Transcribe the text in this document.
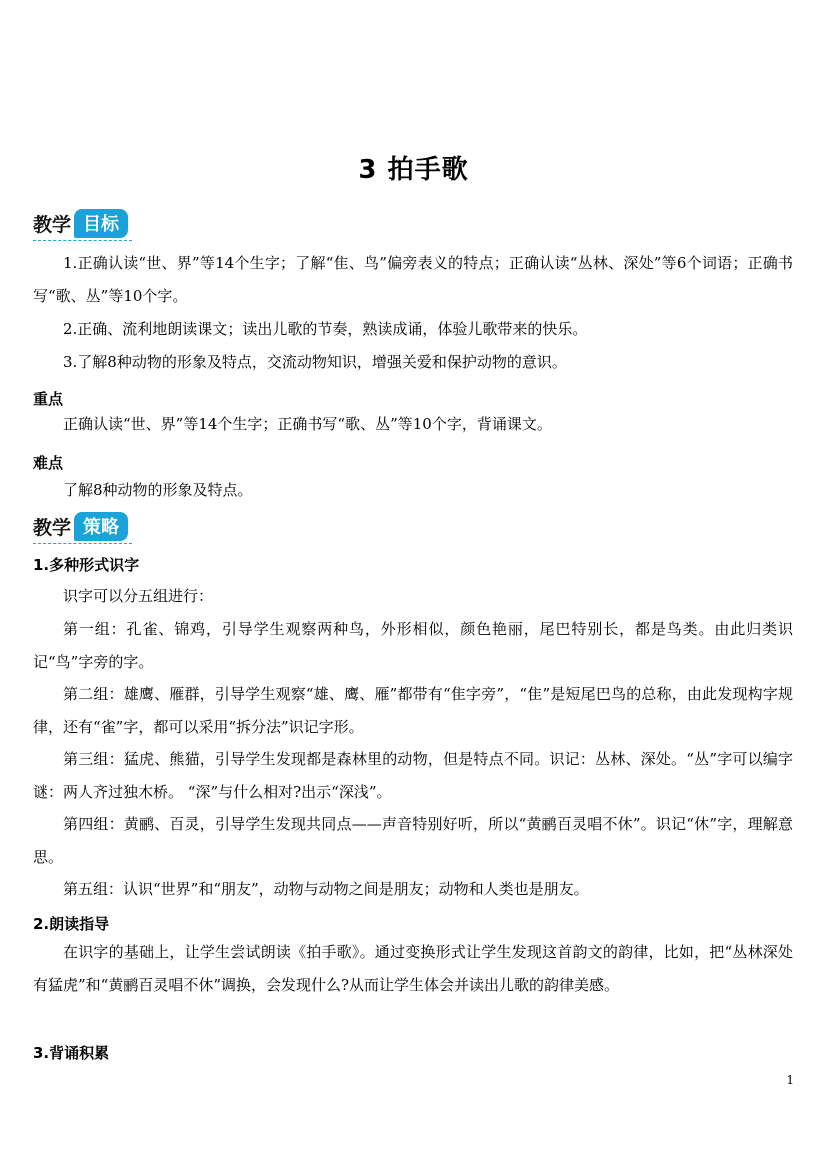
3 拍手歌
教学 目标

1.正确认读“世、界”等14个生字；了解“隹、鸟”偏旁表义的特点；正确认读“丛林、深处”等6个词语；正确书写“歌、丛”等10个字。

2.正确、流利地朗读课文；读出儿歌的节奏，熟读成诵，体验儿歌带来的快乐。

3.了解8种动物的形象及特点，交流动物知识，增强关爱和保护动物的意识。

重点

正确认读“世、界”等14个生字；正确书写“歌、丛”等10个字，背诵课文。

难点

了解8种动物的形象及特点。

教学 策略
1.多种形式识字

识字可以分五组进行：

第一组：孔雀、锦鸡，引导学生观察两种鸟，外形相似，颜色艳丽，尾巴特别长，都是鸟类。由此归类识记“鸟”字旁的字。

第二组：雄鹰、雁群，引导学生观察“雄、鹰、雁”都带有“隹字旁”，“隹”是短尾巴鸟的总称，由此发现构字规律，还有“雀”字，都可以采用“拆分法”识记字形。

第三组：猛虎、熊猫，引导学生发现都是森林里的动物，但是特点不同。识记：丛林、深处。“丛”字可以编字谜：两人齐过独木桥。 “深”与什么相对?出示“深浅”。

第四组：黄鹂、百灵，引导学生发现共同点——声音特别好听，所以“黄鹂百灵唱不休”。识记“休”字，理解意思。

第五组：认识“世界”和“朋友”，动物与动物之间是朋友；动物和人类也是朋友。

2.朗读指导

在识字的基础上，让学生尝试朗读《拍手歌》。通过变换形式让学生发现这首韵文的韵律，比如，把“丛林深处有猛虎”和“黄鹂百灵唱不休”调换，会发现什么?从而让学生体会并读出儿歌的韵律美感。

3.背诵积累
1
